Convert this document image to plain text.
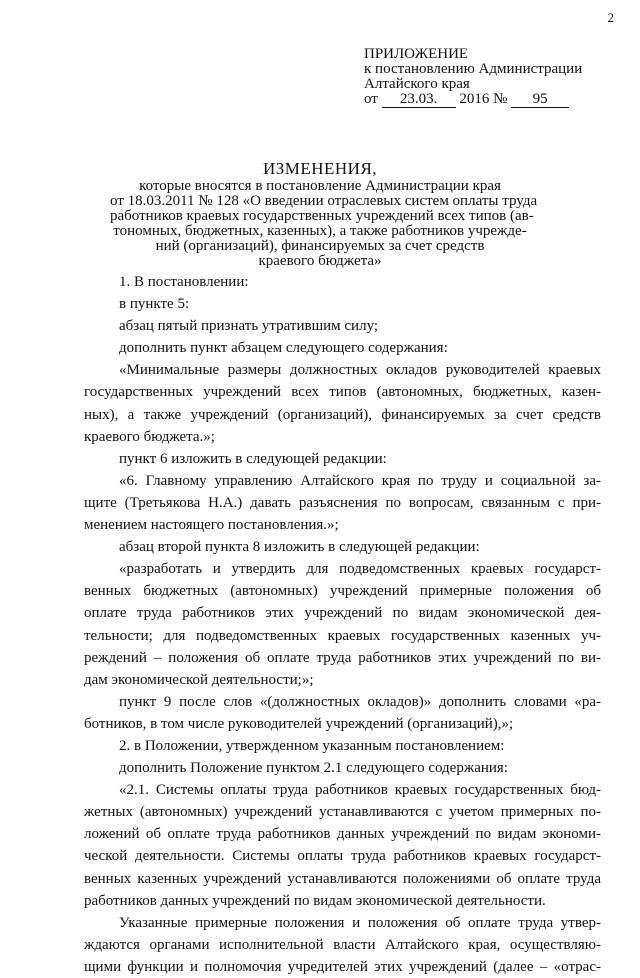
2
ПРИЛОЖЕНИЕ
к постановлению Администрации
Алтайского края
от 23.03. 2016 № 95
ИЗМЕНЕНИЯ,
которые вносятся в постановление Администрации края
от 18.03.2011 № 128 «О введении отраслевых систем оплаты труда
работников краевых государственных учреждений всех типов (ав-
тономных, бюджетных, казенных), а также работников учрежде-
ний (организаций), финансируемых за счет средств
краевого бюджета»

1. В постановлении:

в пункте 5:

абзац пятый признать утратившим силу;

дополнить пункт абзацем следующего содержания:

«Минимальные размеры должностных окладов руководителей краевых

государственных учреждений всех типов (автономных, бюджетных, казен-

ных), а также учреждений (организаций), финансируемых за счет средств

краевого бюджета.»;

пункт 6 изложить в следующей редакции:

«6. Главному управлению Алтайского края по труду и социальной за-

щите (Третьякова Н.А.) давать разъяснения по вопросам, связанным с при-

менением настоящего постановления.»;

абзац второй пункта 8 изложить в следующей редакции:

«разработать и утвердить для подведомственных краевых государст-

венных бюджетных (автономных) учреждений примерные положения об

оплате труда работников этих учреждений по видам экономической дея-

тельности; для подведомственных краевых государственных казенных уч-

реждений – положения об оплате труда работников этих учреждений по ви-

дам экономической деятельности;»;

пункт 9 после слов «(должностных окладов)» дополнить словами «ра-

ботников, в том числе руководителей учреждений (организаций),»;

2. в Положении, утвержденном указанным постановлением:

дополнить Положение пунктом 2.1 следующего содержания:

«2.1. Системы оплаты труда работников краевых государственных бюд-

жетных (автономных) учреждений устанавливаются с учетом примерных по-

ложений об оплате труда работников данных учреждений по видам экономи-

ческой деятельности. Системы оплаты труда работников краевых государст-

венных казенных учреждений устанавливаются положениями об оплате труда

работников данных учреждений по видам экономической деятельности.

Указанные примерные положения и положения об оплате труда утвер-

ждаются органами исполнительной власти Алтайского края, осуществляю-

щими функции и полномочия учредителей этих учреждений (далее – «отрас-
